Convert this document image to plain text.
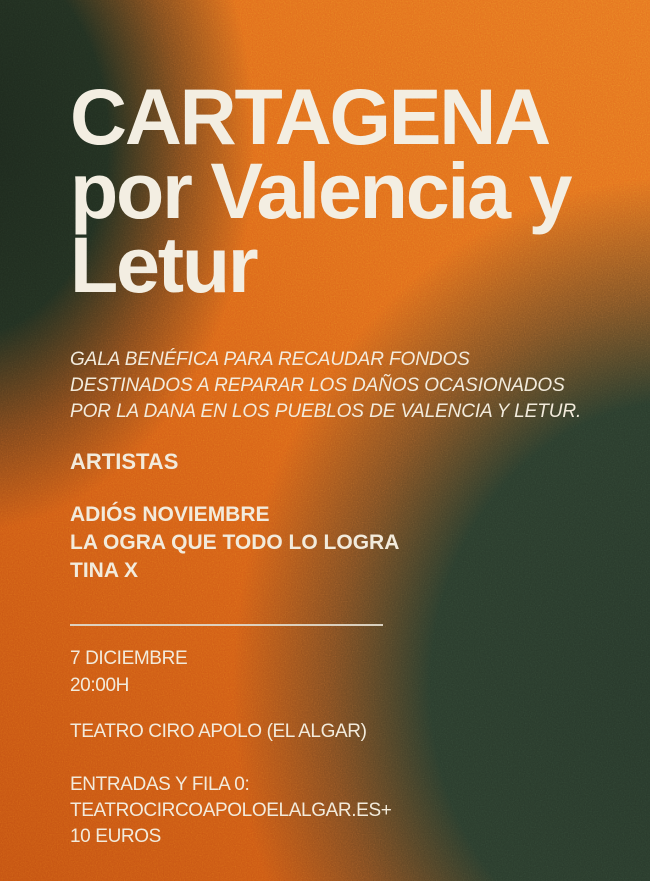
CARTAGENA
por Valencia y
Letur
GALA BENÉFICA PARA RECAUDAR FONDOS
DESTINADOS A REPARAR LOS DAÑOS OCASIONADOS
POR LA DANA EN LOS PUEBLOS DE VALENCIA Y LETUR.
ARTISTAS
ADIÓS NOVIEMBRE
LA OGRA QUE TODO LO LOGRA
TINA X
7 DICIEMBRE
20:00H
TEATRO CIRO APOLO (EL ALGAR)
ENTRADAS Y FILA 0:
TEATROCIRCOAPOLOELALGAR.ES+
10 EUROS
